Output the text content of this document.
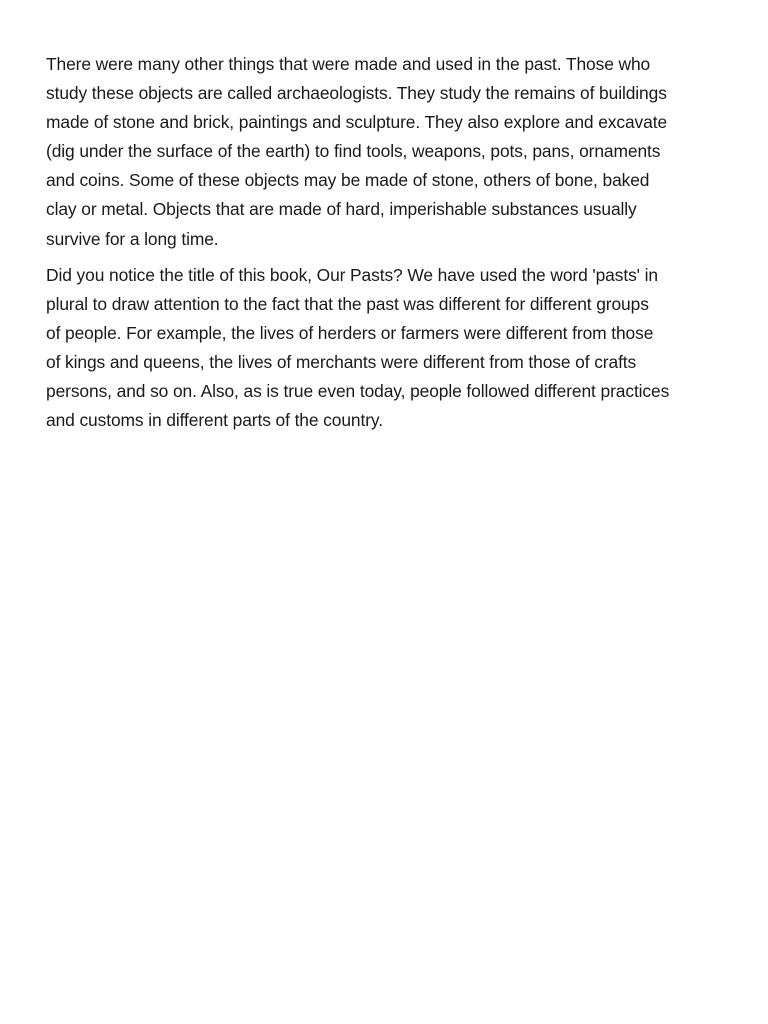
There were many other things that were made and used in the past. Those who
study these objects are called archaeologists. They study the remains of buildings
made of stone and brick, paintings and sculpture. They also explore and excavate
(dig under the surface of the earth) to find tools, weapons, pots, pans, ornaments
and coins. Some of these objects may be made of stone, others of bone, baked
clay or metal. Objects that are made of hard, imperishable substances usually
survive for a long time.

Did you notice the title of this book, Our Pasts? We have used the word 'pasts' in
plural to draw attention to the fact that the past was different for different groups
of people. For example, the lives of herders or farmers were different from those
of kings and queens, the lives of merchants were different from those of crafts
persons, and so on. Also, as is true even today, people followed different practices
and customs in different parts of the country.
